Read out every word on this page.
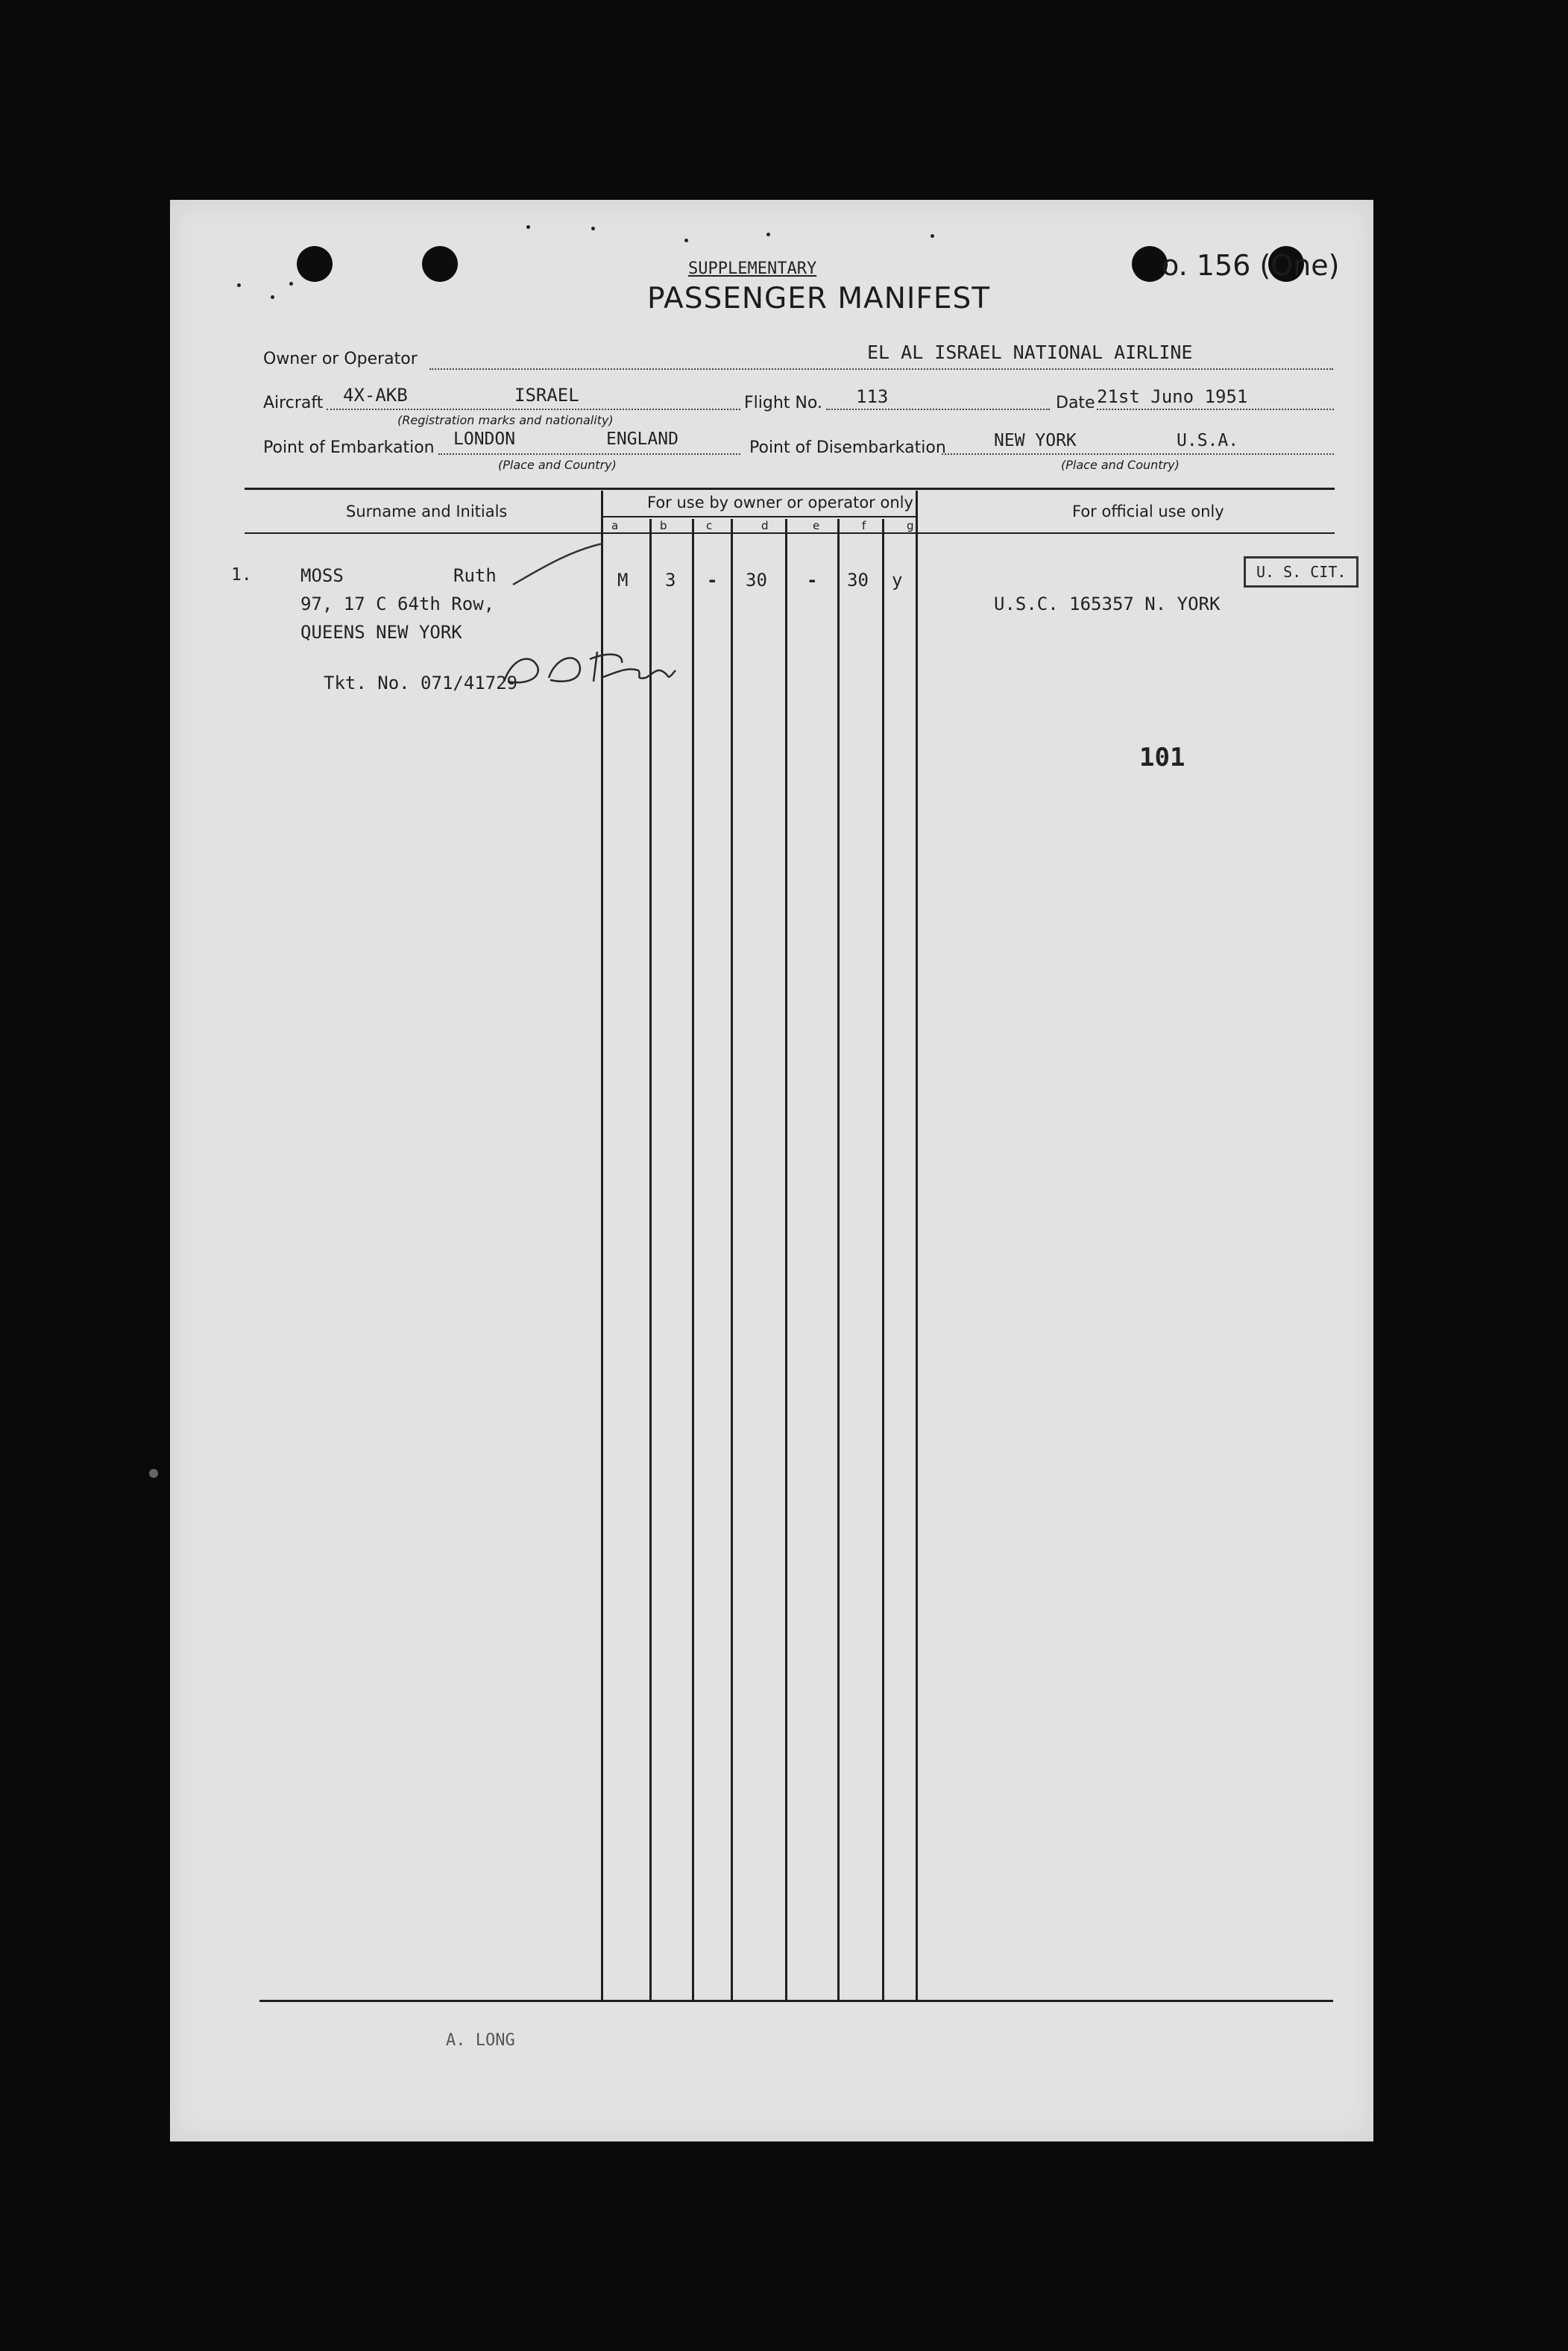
SUPPLEMENTARY
PASSENGER MANIFEST
o. 156 (One)
Owner or Operator	EL AL ISRAEL NATIONAL AIRLINE
Aircraft 4X-AKB	ISRAEL
(Registration marks and nationality)
Flight No. 113	Date 21st Juno 1951
Point of Embarkation LONDON	ENGLAND
(Place and Country)
Point of Disembarkation	NEW YORK	U.S.A.
(Place and Country)
Surname and Initials	For use by owner or operator only	For official use only
a	b	c	d	e	f	g
1.	MOSS	Ruth
97, 17 C 64th Row,
QUEENS NEW YORK
Tkt. No. 071/41729
M 3 - 30 - 30 y	U. S. CIT.
U.S.C. 165357 N. YORK
101
A. LONG
